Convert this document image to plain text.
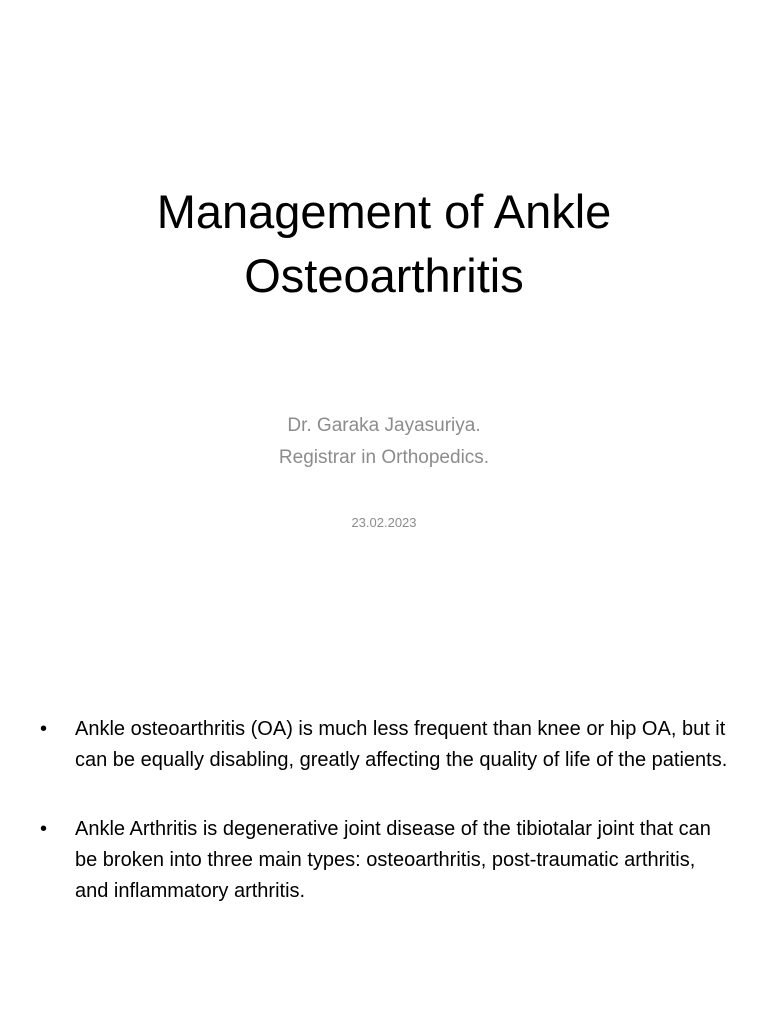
Management of Ankle
Osteoarthritis
Dr. Garaka Jayasuriya.
Registrar in Orthopedics.
23.02.2023
• Ankle osteoarthritis (OA) is much less frequent than knee or hip OA, but it can be equally disabling, greatly affecting the quality of life of the patients.
• Ankle Arthritis is degenerative joint disease of the tibiotalar joint that can be broken into three main types: osteoarthritis, post-traumatic arthritis, and inflammatory arthritis.
